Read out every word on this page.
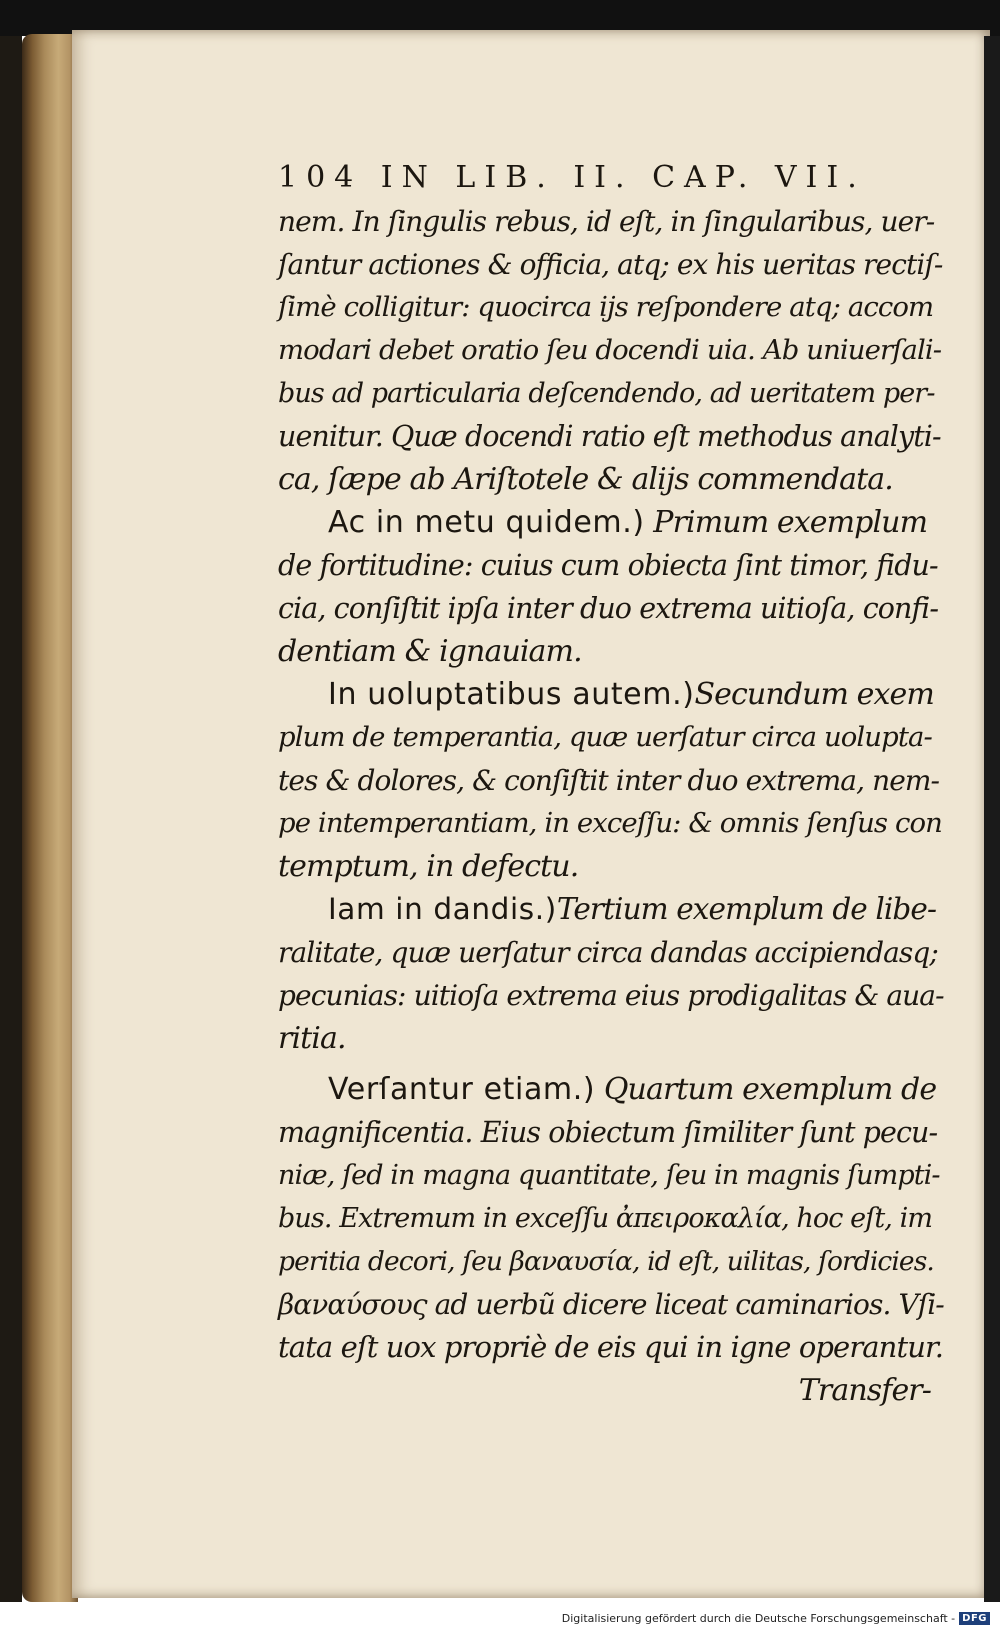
104 IN LIB. II. CAP. VII.
nem. In ſingulis rebus, id eſt, in ſingularibus, uer-
ſantur actiones & officia, atq; ex his ueritas rectiſ-
ſimè colligitur: quocirca ijs reſpondere atq; accom
modari debet oratio ſeu docendi uia. Ab uniuerſali-
bus ad particularia deſcendendo, ad ueritatem per-
uenitur. Quæ docendi ratio eſt methodus analyti-
ca, ſæpe ab Ariſtotele & alijs commendata.
Ac in metu quidem.) Primum exemplum
de fortitudine: cuius cum obiecta ſint timor, fidu-
cia, conſiſtit ipſa inter duo extrema uitioſa, confi-
dentiam & ignauiam.
In uoluptatibus autem.)Secundum exem
plum de temperantia, quæ uerſatur circa uolupta-
tes & dolores, & conſiſtit inter duo extrema, nem-
pe intemperantiam, in exceſſu: & omnis ſenſus con
temptum, in defectu.
Iam in dandis.)Tertium exemplum de libe-
ralitate, quæ uerſatur circa dandas accipiendasq;
pecunias: uitioſa extrema eius prodigalitas & aua-
ritia.
Verſantur etiam.) Quartum exemplum de
magnificentia. Eius obiectum ſimiliter ſunt pecu-
niæ, ſed in magna quantitate, ſeu in magnis ſumpti-
bus. Extremum in exceſſu ἀπειροκαλία, hoc eſt, im
peritia decori, ſeu βαναυσία, id eſt, uilitas, ſordicies.
βαναύσους ad uerbũ dicere liceat caminarios. Vſi-
tata eſt uox propriè de eis qui in igne operantur.
Transfer-
Digitalisierung gefördert durch die Deutsche Forschungsgemeinschaft - DFG
